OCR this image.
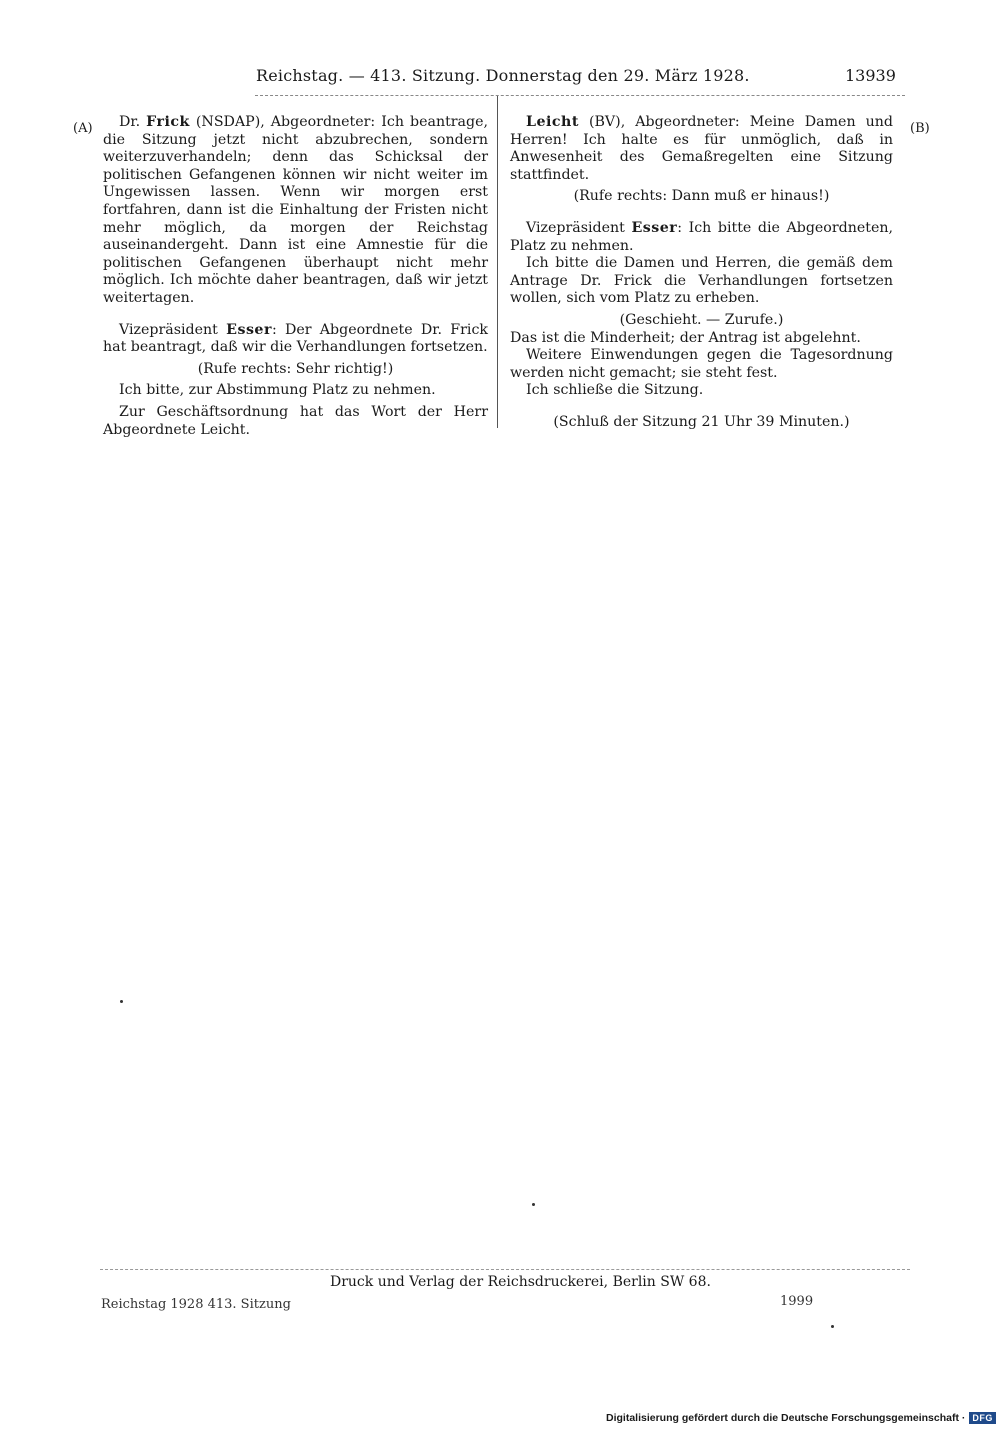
Reichstag. — 413. Sitzung. Donnerstag den 29. März 1928.	13939
(A)	(B)

Dr. Frick (NSDAP), Abgeordneter: Ich beantrage, die Sitzung jetzt nicht abzubrechen, sondern weiterzuverhandeln; denn das Schicksal der politischen Gefangenen können wir nicht weiter im Ungewissen lassen. Wenn wir morgen erst fortfahren, dann ist die Einhaltung der Fristen nicht mehr möglich, da morgen der Reichstag auseinandergeht. Dann ist eine Amnestie für die politischen Gefangenen überhaupt nicht mehr möglich. Ich möchte daher beantragen, daß wir jetzt weitertagen.

Vizepräsident Esser: Der Abgeordnete Dr. Frick hat beantragt, daß wir die Verhandlungen fortsetzen.

(Rufe rechts: Sehr richtig!)

Ich bitte, zur Abstimmung Platz zu nehmen.

Zur Geschäftsordnung hat das Wort der Herr Abgeordnete Leicht.

Leicht (BV), Abgeordneter: Meine Damen und Herren! Ich halte es für unmöglich, daß in Anwesenheit des Gemaßregelten eine Sitzung stattfindet.

(Rufe rechts: Dann muß er hinaus!)

Vizepräsident Esser: Ich bitte die Abgeordneten, Platz zu nehmen.

Ich bitte die Damen und Herren, die gemäß dem Antrage Dr. Frick die Verhandlungen fortsetzen wollen, sich vom Platz zu erheben.

(Geschieht. — Zurufe.)

Das ist die Minderheit; der Antrag ist abgelehnt.

Weitere Einwendungen gegen die Tagesordnung werden nicht gemacht; sie steht fest.

Ich schließe die Sitzung.

(Schluß der Sitzung 21 Uhr 39 Minuten.)

Druck und Verlag der Reichsdruckerei, Berlin SW 68.
Reichstag 1928 413. Sitzung	1999
Digitalisierung gefördert durch die Deutsche Forschungsgemeinschaft · DFG
